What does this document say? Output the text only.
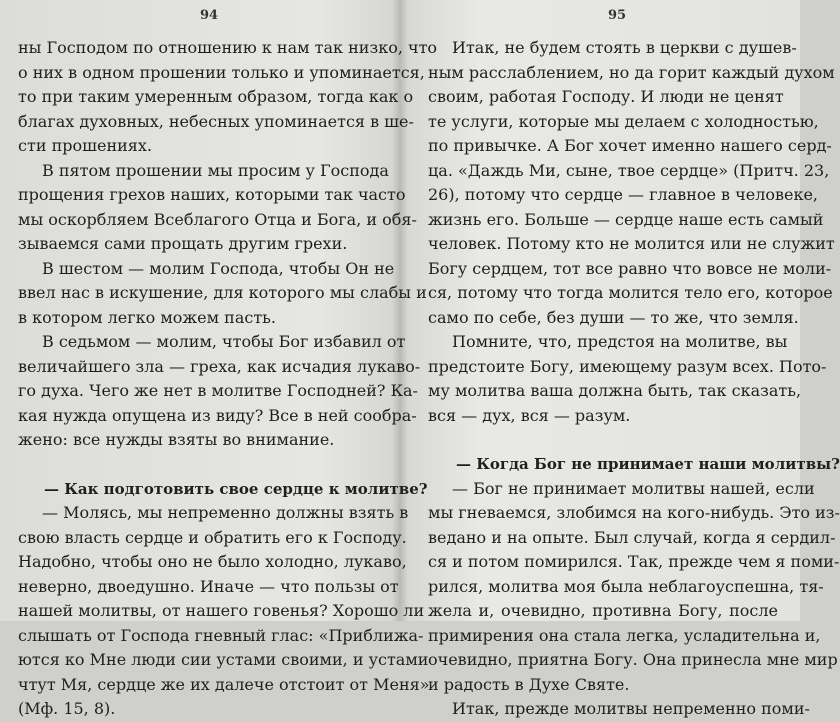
94
ны Господом по отношению к нам так низко, что
о них в одном прошении только и упоминается,
то при таким умеренным образом, тогда как о
благах духовных, небесных упоминается в ше-
сти прошениях.
В пятом прошении мы просим у Господа
прощения грехов наших, которыми так часто
мы оскорбляем Всеблагого Отца и Бога, и обя-
зываемся сами прощать другим грехи.
В шестом — молим Господа, чтобы Он не
ввел нас в искушение, для которого мы слабы и
в котором легко можем пасть.
В седьмом — молим, чтобы Бог избавил от
величайшего зла — греха, как исчадия лукаво-
го духа. Чего же нет в молитве Господней? Ка-
кая нужда опущена из виду? Все в ней сообра-
жено: все нужды взяты во внимание.
— Как подготовить свое сердце к молитве?
— Молясь, мы непременно должны взять в
свою власть сердце и обратить его к Господу.
Надобно, чтобы оно не было холодно, лукаво,
неверно, двоедушно. Иначе — что пользы от
нашей молитвы, от нашего говенья? Хорошо ли
слышать от Господа гневный глас: «Приближа-
ются ко Мне люди сии устами своими, и устами
чтут Мя, сердце же их далече отстоит от Меня»
(Мф. 15, 8).
95
Итак, не будем стоять в церкви с душев-
ным расслаблением, но да горит каждый духом
своим, работая Господу. И люди не ценят
те услуги, которые мы делаем с холодностью,
по привычке. А Бог хочет именно нашего серд-
ца. «Даждь Ми, сыне, твое сердце» (Притч. 23,
26), потому что сердце — главное в человеке,
жизнь его. Больше — сердце наше есть самый
человек. Потому кто не молится или не служит
Богу сердцем, тот все равно что вовсе не моли-
ся, потому что тогда молится тело его, которое
само по себе, без души — то же, что земля.
Помните, что, предстоя на молитве, вы
предстоите Богу, имеющему разум всех. Пото-
му молитва ваша должна быть, так сказать,
вся — дух, вся — разум.
— Когда Бог не принимает наши молитвы?
— Бог не принимает молитвы нашей, если
мы гневаемся, злобимся на кого-нибудь. Это из-
ведано и на опыте. Был случай, когда я сердил-
ся и потом помирился. Так, прежде чем я поми-
рился, молитва моя была неблагоуспешна, тя-
жела и, очевидно, противна Богу, после
примирения она стала легка, усладительна и,
очевидно, приятна Богу. Она принесла мне мир
и радость в Духе Святе.
Итак, прежде молитвы непременно поми-
